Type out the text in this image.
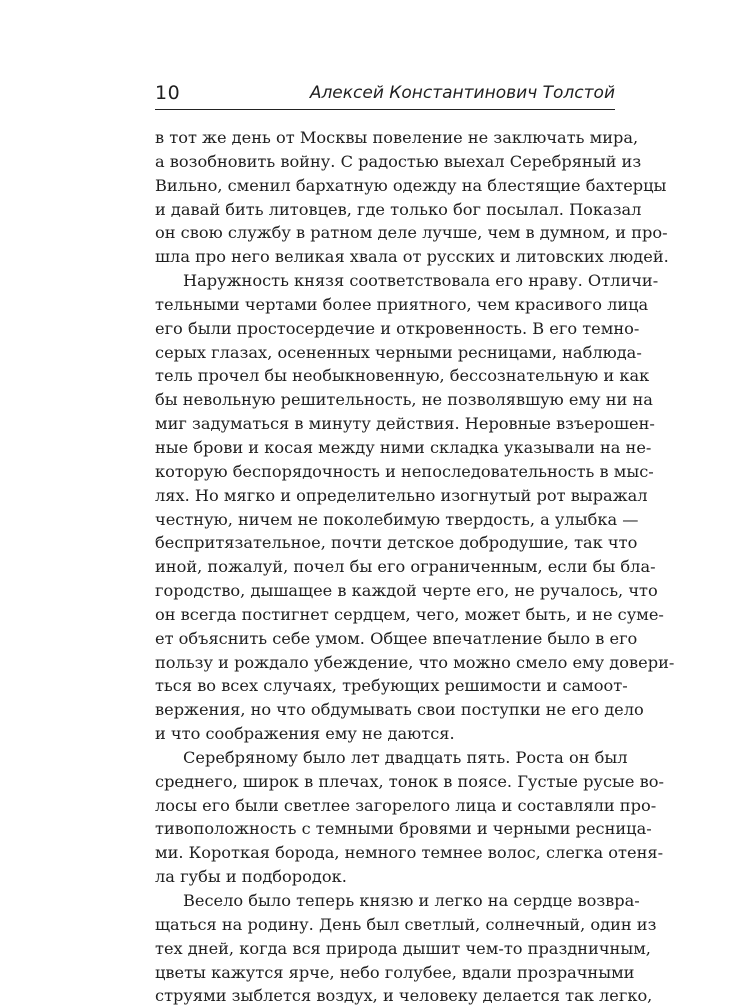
10	Алексей Константинович Толстой
в тот же день от Москвы повеление не заключать мира,
а возобновить войну. С радостью выехал Серебряный из
Вильно, сменил бархатную одежду на блестящие бахтерцы
и давай бить литовцев, где только бог посылал. Показал
он свою службу в ратном деле лучше, чем в думном, и про-
шла про него великая хвала от русских и литовских людей.
Наружность князя соответствовала его нраву. Отличи-
тельными чертами более приятного, чем красивого лица
его были простосердечие и откровенность. В его темно-
серых глазах, осененных черными ресницами, наблюда-
тель прочел бы необыкновенную, бессознательную и как
бы невольную решительность, не позволявшую ему ни на
миг задуматься в минуту действия. Неровные взъерошен-
ные брови и косая между ними складка указывали на не-
которую беспорядочность и непоследовательность в мыс-
лях. Но мягко и определительно изогнутый рот выражал
честную, ничем не поколебимую твердость, а улыбка —
беспритязательное, почти детское добродушие, так что
иной, пожалуй, почел бы его ограниченным, если бы бла-
городство, дышащее в каждой черте его, не ручалось, что
он всегда постигнет сердцем, чего, может быть, и не суме-
ет объяснить себе умом. Общее впечатление было в его
пользу и рождало убеждение, что можно смело ему довери-
ться во всех случаях, требующих решимости и самоот-
вержения, но что обдумывать свои поступки не его дело
и что соображения ему не даются.
Серебряному было лет двадцать пять. Роста он был
среднего, широк в плечах, тонок в поясе. Густые русые во-
лосы его были светлее загорелого лица и составляли про-
тивоположность с темными бровями и черными ресница-
ми. Короткая борода, немного темнее волос, слегка отеня-
ла губы и подбородок.
Весело было теперь князю и легко на сердце возвра-
щаться на родину. День был светлый, солнечный, один из
тех дней, когда вся природа дышит чем-то праздничным,
цветы кажутся ярче, небо голубее, вдали прозрачными
струями зыблется воздух, и человеку делается так легко,
